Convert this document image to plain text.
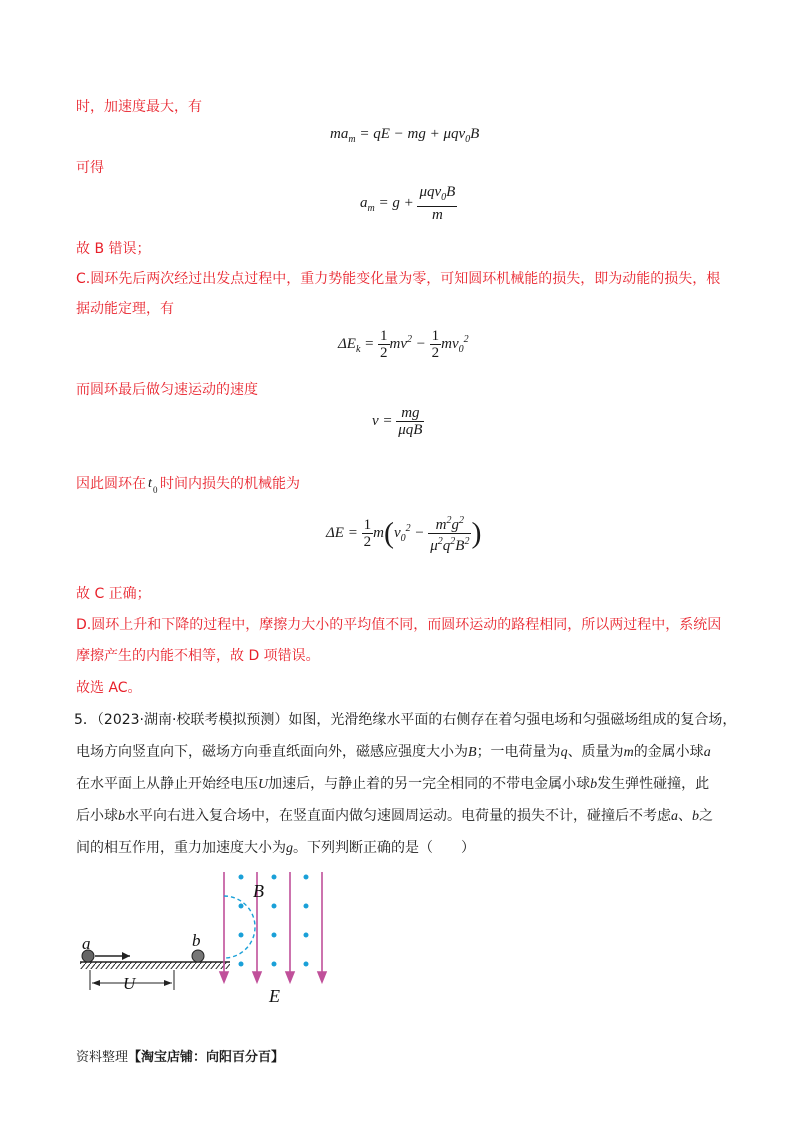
时，加速度最大，有
$ma_m$ = qE − mg + μqv$_0$B
可得
$a_m = g + \frac{\mu qv_0B}{m}$
故 B 错误；
C.圆环先后两次经过出发点过程中，重力势能变化量为零，可知圆环机械能的损失，即为动能的损失，根
据动能定理，有
$\Delta E_k = \frac{1}{2} mv^2 - \frac{1}{2} mv_0^2$
而圆环最后做匀速运动的速度
$v = \frac{mg}{\text{μqB}}$
因此圆环在 t 0 时间内损失的机械能为
$\Delta E = \frac{1}{2} m(v_0^2 - \frac{m^2g^2}{\mu^2q^2B^2}$ )
故 C 正确；
D.圆环上升和下降的过程中，摩擦力大小的平均值不同，而圆环运动的路程相同，所以两过程中，系统因
摩擦产生的内能不相等，故 D 项错误。
故选 AC。
5．（2023·湖南·校联考模拟预测）如图，光滑绝缘水平面的右侧存在着匀强电场和匀强磁场组成的复合场，
电场方向竖直向下，磁场方向垂直纸面向外，磁感应强度大小为B；一电荷量为q、质量为m的金属小球a
在水平面上从静止开始经电压U加速后，与静止着的另一完全相同的不带电金属小球b发生弹性碰撞，此
后小球b水平向右进入复合场中，在竖直面内做匀速圆周运动。电荷量的损失不计，碰撞后不考虑a、b之
间的相互作用，重力加速度大小为g。下列判断正确的是（　　）
a	b
U
B
E
资料整理【淘宝店铺：向阳百分百】
